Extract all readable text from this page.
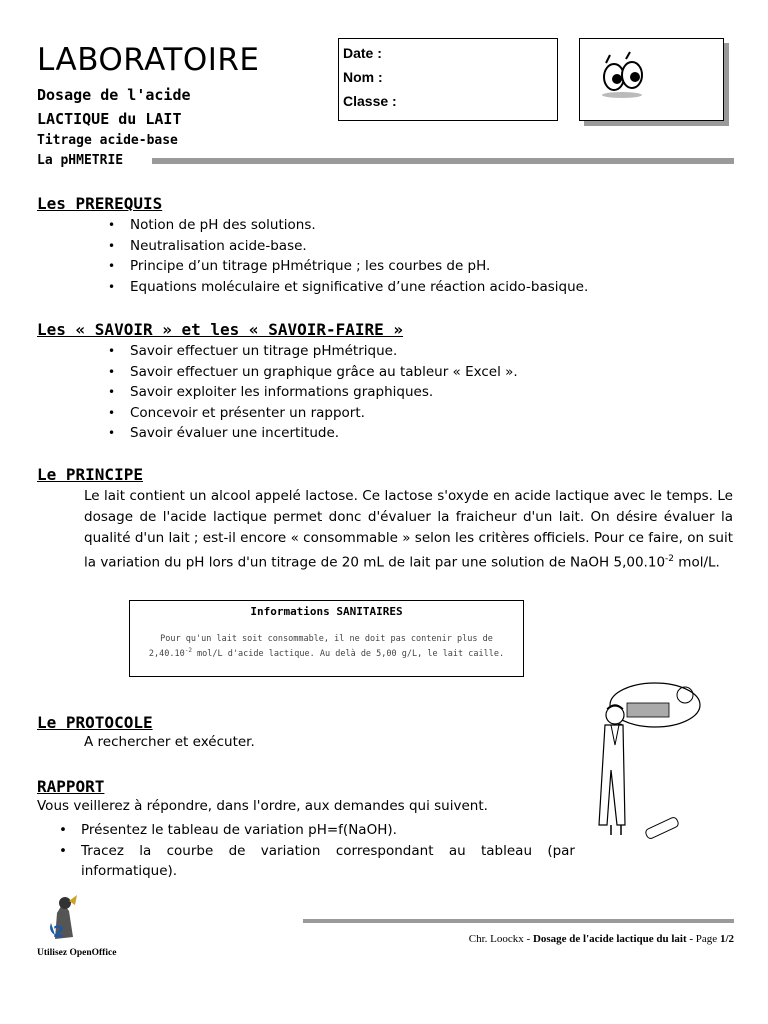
LABORATOIRE
Dosage de l'acide
LACTIQUE du LAIT
Titrage acide-base
La pHMETRIE
Date :
Nom :
Classe :
Les PREREQUIS
• Notion de pH des solutions.
• Neutralisation acide-base.
• Principe d’un titrage pHmétrique ; les courbes de pH.
• Equations moléculaire et significative d’une réaction acido-basique.
Les « SAVOIR » et les « SAVOIR-FAIRE »
• Savoir effectuer un titrage pHmétrique.
• Savoir effectuer un graphique grâce au tableur « Excel ».
• Savoir exploiter les informations graphiques.
• Concevoir et présenter un rapport.
• Savoir évaluer une incertitude.
Le PRINCIPE
Le lait contient un alcool appelé lactose. Ce lactose s'oxyde en acide lactique avec le temps. Le dosage de l'acide lactique permet donc d'évaluer la fraicheur d'un lait. On désire évaluer la qualité d'un lait ; est-il encore « consommable » selon les critères officiels. Pour ce faire, on suit la variation du pH lors d'un titrage de 20 mL de lait par une solution de NaOH $5,00.10^{-2}$ mol/L.
Informations SANITAIRES
Pour qu'un lait soit consommable, il ne doit pas contenir plus de $2,40.10^{-2}$ mol/L d'acide lactique. Au delà de 5,00 g/L, le lait caille.
Le PROTOCOLE
A rechercher et exécuter.
RAPPORT
Vous veillerez à répondre, dans l'ordre, aux demandes qui suivent.
• Présentez le tableau de variation pH=f(NaOH).
• Tracez la courbe de variation correspondant au tableau (par informatique).
2
Utilisez OpenOffice
Chr. Loockx - Dosage de l'acide lactique du lait - Page 1/2
